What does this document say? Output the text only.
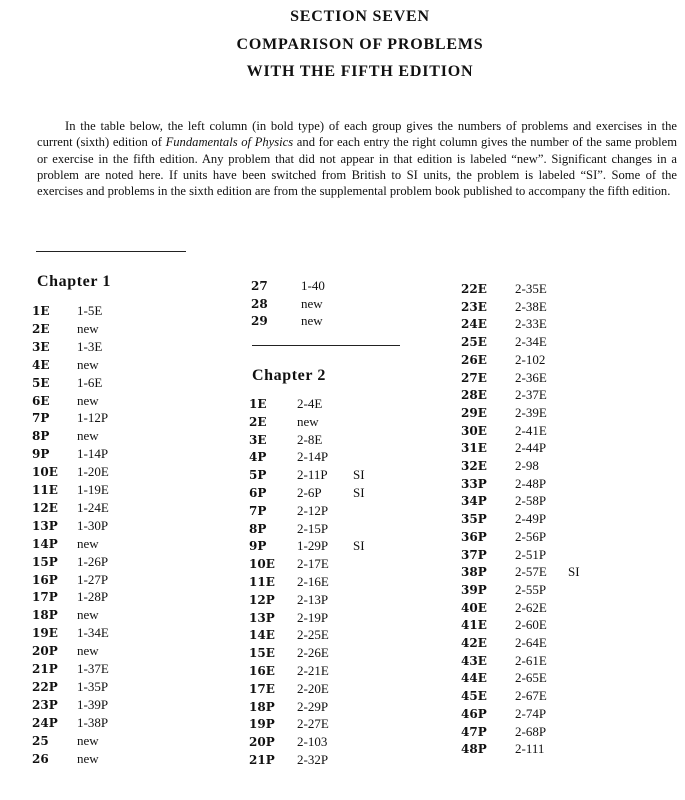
SECTION SEVEN
COMPARISON OF PROBLEMS
WITH THE FIFTH EDITION

In the table below, the left column (in bold type) of each group gives the numbers of problems and exercises in the current (sixth) edition of Fundamentals of Physics and for each entry the right column gives the number of the same problem or exercise in the fifth edition. Any problem that did not appear in that edition is labeled “new”. Significant changes in a problem are noted here. If units have been switched from British to SI units, the problem is labeled “SI”. Some of the exercises and problems in the sixth edition are from the supplemental problem book published to accompany the fifth edition.

Chapter 1
Chapter 2
1E 1-5E
2E new
3E 1-3E
4E new
5E 1-6E
6E new
7P 1-12P
8P new
9P 1-14P
10E 1-20E
11E 1-19E
12E 1-24E
13P 1-30P
14P new
15P 1-26P
16P 1-27P
17P 1-28P
18P new
19E 1-34E
20P new
21P 1-37E
22P 1-35P
23P 1-39P
24P 1-38P
25 new
26 new
27	1-40
28	new
29	new
1E 2-4E
2E new
3E 2-8E
4P 2-14P
5P 2-11P SI
6P 2-6P SI
7P 2-12P
8P 2-15P
9P 1-29P SI
10E 2-17E
11E 2-16E
12P 2-13P
13P 2-19P
14E 2-25E
15E 2-26E
16E 2-21E
17E 2-20E
18P 2-29P
19P 2-27E
20P 2-103
21P 2-32P
22E 2-35E
23E 2-38E
24E 2-33E
25E 2-34E
26E 2-102
27E 2-36E
28E 2-37E
29E 2-39E
30E 2-41E
31E 2-44P
32E 2-98
33P 2-48P
34P 2-58P
35P 2-49P
36P 2-56P
37P 2-51P
38P 2-57E SI
39P 2-55P
40E 2-62E
41E 2-60E
42E 2-64E
43E 2-61E
44E 2-65E
45E 2-67E
46P 2-74P
47P 2-68P
48P 2-111
